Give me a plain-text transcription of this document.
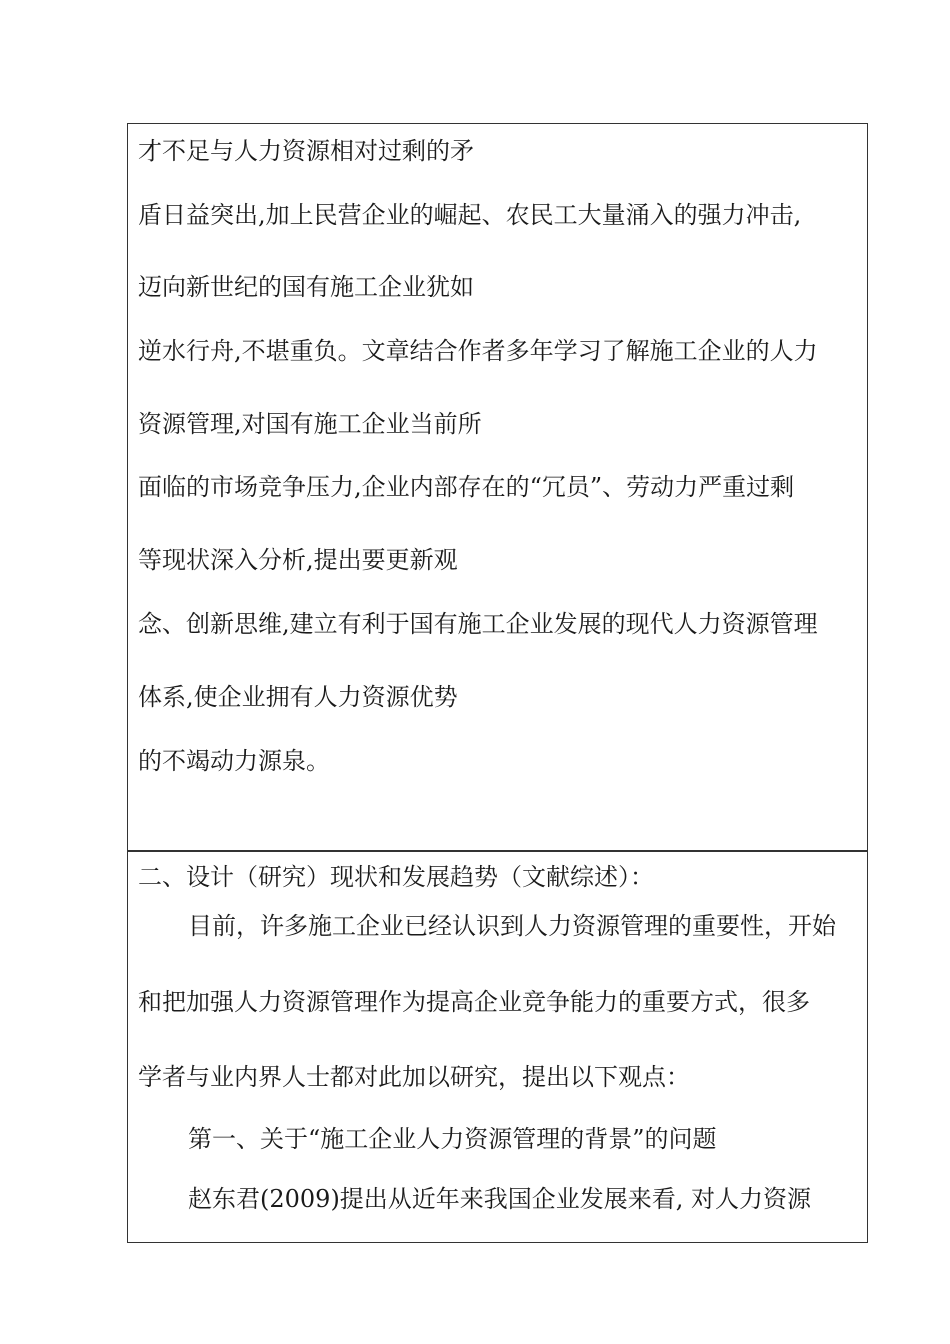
才不足与人力资源相对过剩的矛

盾日益突出,加上民营企业的崛起、农民工大量涌入的强力冲击,

迈向新世纪的国有施工企业犹如

逆水行舟,不堪重负。文章结合作者多年学习了解施工企业的人力

资源管理,对国有施工企业当前所

面临的市场竞争压力,企业内部存在的“冗员”、劳动力严重过剩

等现状深入分析,提出要更新观

念、创新思维,建立有利于国有施工企业发展的现代人力资源管理

体系,使企业拥有人力资源优势

的不竭动力源泉。

二、设计（研究）现状和发展趋势（文献综述）：

目前，许多施工企业已经认识到人力资源管理的重要性，开始

和把加强人力资源管理作为提高企业竞争能力的重要方式，很多

学者与业内界人士都对此加以研究，提出以下观点：

第一、关于“施工企业人力资源管理的背景”的问题

赵东君(2009)提出从近年来我国企业发展来看, 对人力资源
